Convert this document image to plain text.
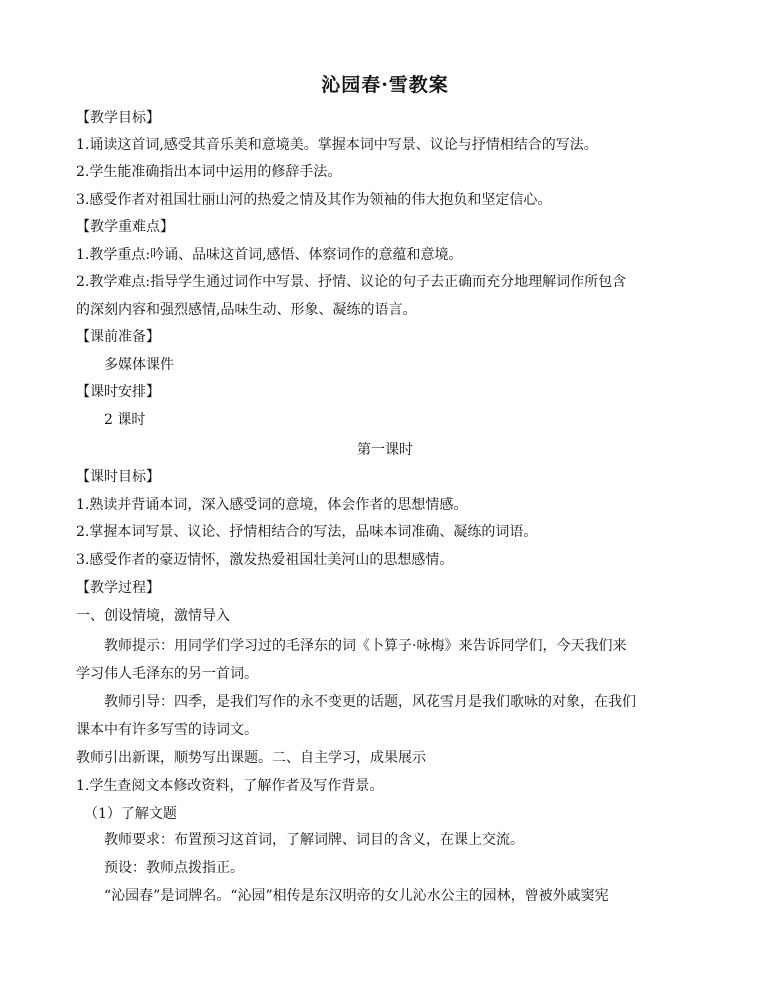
沁园春·雪教案
【教学目标】
1.诵读这首词,感受其音乐美和意境美。掌握本词中写景、议论与抒情相结合的写法。
2.学生能准确指出本词中运用的修辞手法。
3.感受作者对祖国壮丽山河的热爱之情及其作为领袖的伟大抱负和坚定信心。
【教学重难点】
1.教学重点:吟诵、品味这首词,感悟、体察词作的意蕴和意境。
2.教学难点:指导学生通过词作中写景、抒情、议论的句子去正确而充分地理解词作所包含
的深刻内容和强烈感情,品味生动、形象、凝练的语言。
【课前准备】
多媒体课件
【课时安排】
2 课时
第一课时
【课时目标】
1.熟读并背诵本词，深入感受词的意境，体会作者的思想情感。
2.掌握本词写景、议论、抒情相结合的写法，品味本词准确、凝练的词语。
3.感受作者的豪迈情怀，激发热爱祖国壮美河山的思想感情。
【教学过程】
一、创设情境，激情导入
教师提示：用同学们学习过的毛泽东的词《卜算子·咏梅》来告诉同学们，今天我们来
学习伟人毛泽东的另一首词。
教师引导：四季，是我们写作的永不变更的话题，风花雪月是我们歌咏的对象，在我们
课本中有许多写雪的诗词文。
教师引出新课，顺势写出课题。二、自主学习，成果展示
1.学生查阅文本修改资料，了解作者及写作背景。
（1）了解文题
教师要求：布置预习这首词，了解词牌、词目的含义，在课上交流。
预设：教师点拨指正。
“沁园春”是词牌名。“沁园”相传是东汉明帝的女儿沁水公主的园林，曾被外戚窦宪
